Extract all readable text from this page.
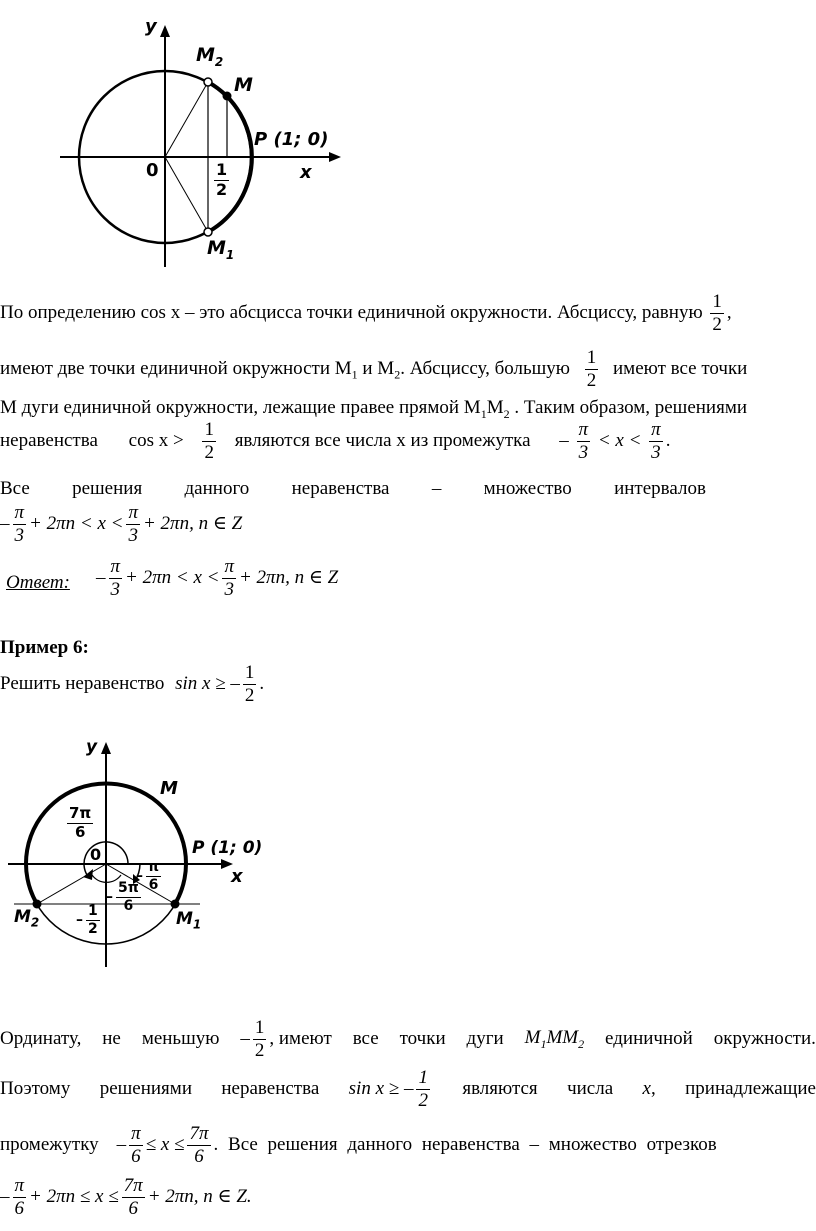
y
$M_2$
M
P (1; 0)
0	$\frac{1}{2}$	x
$M_1$
По определению cos x – это абсцисса точки единичной окружности. Абсциссу, равную $\frac{1}{2}$ ,
имеют две точки единичной окружности $М_1$ и $М_2$. Абсциссу, большую $\frac{1}{2}$ имеют все точки
М дуги единичной окружности, лежащие правее прямой $М_1М_2$ . Таким образом, решениями
неравенства $\cos x > \frac{1}{2}$ являются все числа x из промежутка – $\frac{\pi}{3} < x < \frac{\pi}{3}$ .
Все решения данного неравенства – множество интервалов
– $\frac{\pi}{3} + 2\pi n < x < \frac{\pi}{3} + 2\pi n$, n ∈ Z
Ответ: – $\frac{\pi}{3} + 2\pi n < x < \frac{\pi}{3} + 2\pi n$, n ∈ Z
Пример 6:
Решить неравенство sin x ≥ – $\frac{1}{2}$ .
y
M
$\frac{7\pi}{6}$
P (1; 0)
0
– $\frac{\pi}{6}$	x
– $\frac{5\pi}{6}$
$M_2$	– $\frac{1}{2}$	$M_1$
Ординату, не меньшую – $\frac{1}{2}$ , имеют все точки дуги $M_1MM_2$ единичной окружности.
Поэтому решениями неравенства sin x ≥ – $\frac{1}{2}$ являются числа x, принадлежащие
промежутку – $\frac{\pi}{6} \le x \le \frac{7\pi}{6}$ . Все решения данного неравенства – множество отрезков
– $\frac{\pi}{6} + 2\pi n \le x \le \frac{7\pi}{6} + 2\pi n$, n ∈ Z.
